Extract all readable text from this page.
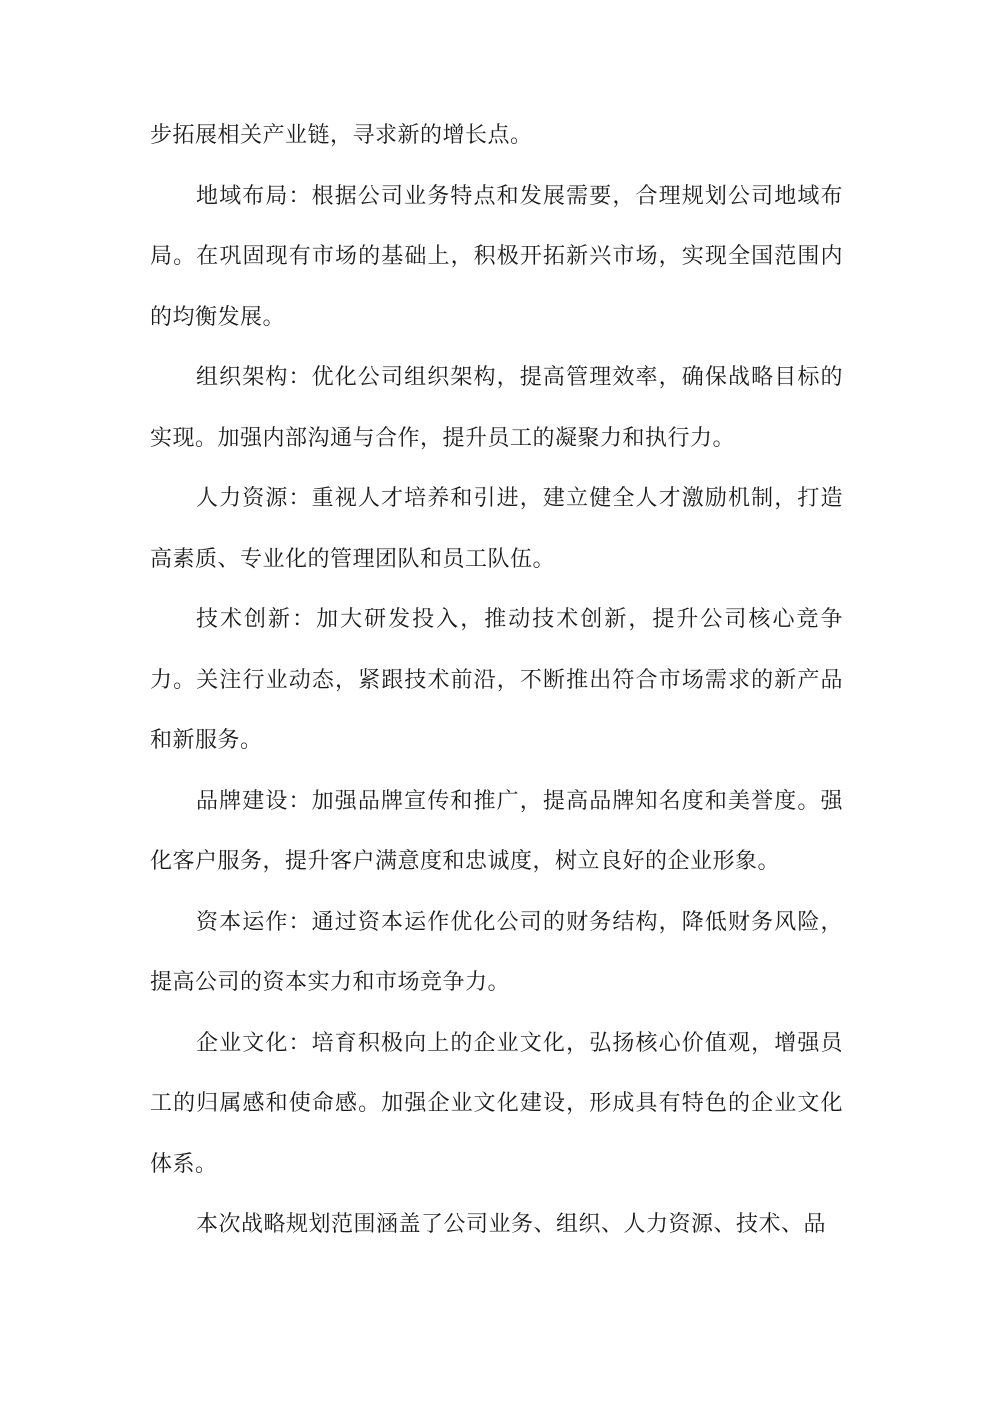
步拓展相关产业链，寻求新的增长点。

地域布局：根据公司业务特点和发展需要，合理规划公司地域布局。在巩固现有市场的基础上，积极开拓新兴市场，实现全国范围内的均衡发展。

组织架构：优化公司组织架构，提高管理效率，确保战略目标的实现。加强内部沟通与合作，提升员工的凝聚力和执行力。

人力资源：重视人才培养和引进，建立健全人才激励机制，打造高素质、专业化的管理团队和员工队伍。

技术创新：加大研发投入，推动技术创新，提升公司核心竞争力。关注行业动态，紧跟技术前沿，不断推出符合市场需求的新产品和新服务。

品牌建设：加强品牌宣传和推广，提高品牌知名度和美誉度。强化客户服务，提升客户满意度和忠诚度，树立良好的企业形象。

资本运作：通过资本运作优化公司的财务结构，降低财务风险，提高公司的资本实力和市场竞争力。

企业文化：培育积极向上的企业文化，弘扬核心价值观，增强员工的归属感和使命感。加强企业文化建设，形成具有特色的企业文化体系。

本次战略规划范围涵盖了公司业务、组织、人力资源、技术、品
